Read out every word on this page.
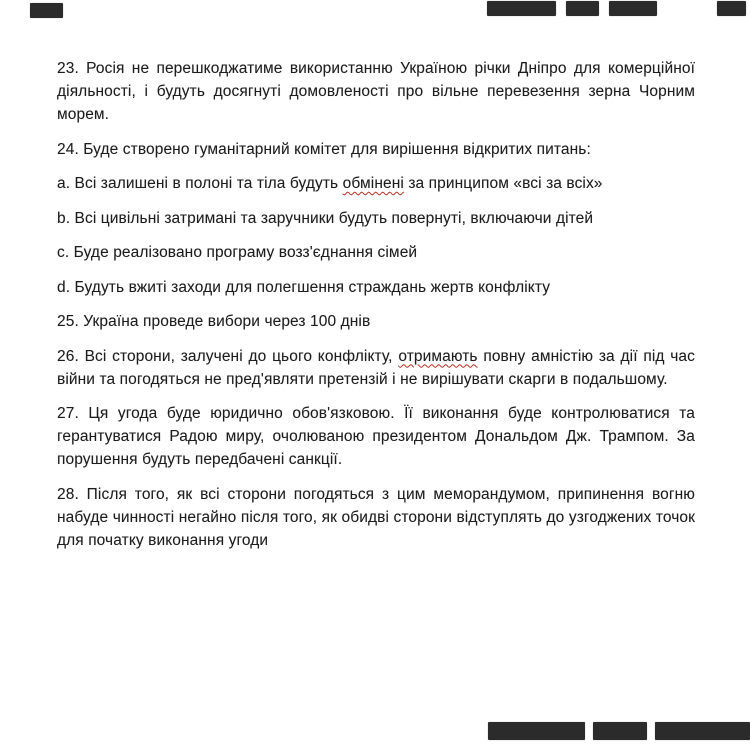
23. Росія не перешкоджатиме використанню Україною річки Дніпро для комерційної діяльності, і будуть досягнуті домовленості про вільне перевезення зерна Чорним морем.

24. Буде створено гуманітарний комітет для вирішення відкритих питань:

a. Всі залишені в полоні та тіла будуть обмінені за принципом «всі за всіх»

b. Всі цивільні затримані та заручники будуть повернуті, включаючи дітей

c. Буде реалізовано програму возз'єднання сімей

d. Будуть вжиті заходи для полегшення страждань жертв конфлікту

25. Україна проведе вибори через 100 днів

26. Всі сторони, залучені до цього конфлікту, отримають повну амністію за дії під час війни та погодяться не пред'являти претензій і не вирішувати скарги в подальшому.

27. Ця угода буде юридично обов'язковою. Її виконання буде контролюватися та герантуватися Радою миру, очолюваною президентом Дональдом Дж. Трампом. За порушення будуть передбачені санкції.

28. Після того, як всі сторони погодяться з цим меморандумом, припинення вогню набуде чинності негайно після того, як обидві сторони відступлять до узгоджених точок для початку виконання угоди
